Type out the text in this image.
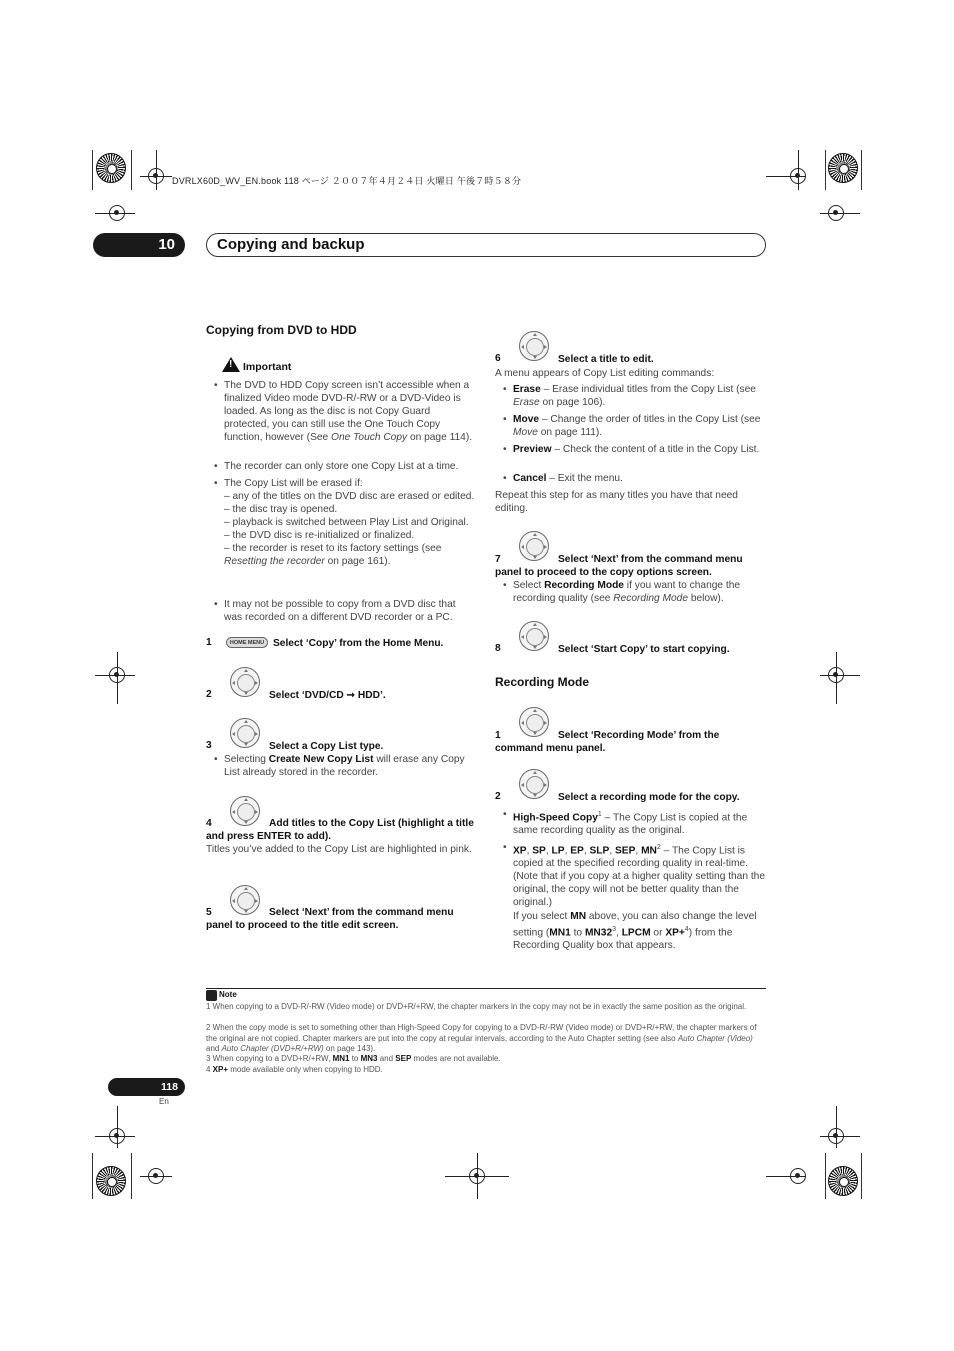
DVRLX60D_WV_EN.book 118 ページ ２００７年４月２４日 火曜日 午後７時５８分
10	Copying and backup
Copying from DVD to HDD
! Important
• The DVD to HDD Copy screen isn’t accessible when a finalized Video mode DVD-R/-RW or a DVD-Video is loaded. As long as the disc is not Copy Guard protected, you can still use the One Touch Copy function, however (See One Touch Copy on page 114).
• The recorder can only store one Copy List at a time.
• The Copy List will be erased if:
– any of the titles on the DVD disc are erased or edited.
– the disc tray is opened.
– playback is switched between Play List and Original.
– the DVD disc is re-initialized or finalized.
– the recorder is reset to its factory settings (see Resetting the recorder on page 161).
• It may not be possible to copy from a DVD disc that was recorded on a different DVD recorder or a PC.
1	HOME MENU Select ‘Copy’ from the Home Menu.
2	Select ‘DVD/CD ➞ HDD’.
3	Select a Copy List type.
• Selecting Create New Copy List will erase any Copy List already stored in the recorder.
4	Add titles to the Copy List (highlight a title and press ENTER to add).
Titles you’ve added to the Copy List are highlighted in pink.
5	Select ‘Next’ from the command menu panel to proceed to the title edit screen.
6	Select a title to edit.
A menu appears of Copy List editing commands:
• Erase – Erase individual titles from the Copy List (see Erase on page 106).
• Move – Change the order of titles in the Copy List (see Move on page 111).
• Preview – Check the content of a title in the Copy List.
• Cancel – Exit the menu.
Repeat this step for as many titles you have that need editing.
7	Select ‘Next’ from the command menu panel to proceed to the copy options screen.
• Select Recording Mode if you want to change the recording quality (see Recording Mode below).
8	Select ‘Start Copy’ to start copying.
Recording Mode
1	Select ‘Recording Mode’ from the command menu panel.
2	Select a recording mode for the copy.
• High-Speed Copy$^1$ – The Copy List is copied at the same recording quality as the original.
• XP, SP, LP, EP, SLP, SEP, $MN^2$ – The Copy List is copied at the specified recording quality in real-time. (Note that if you copy at a higher quality setting than the original, the copy will not be better quality than the original.)
If you select MN above, you can also change the level setting (MN1 to $MN32^3$, LPCM or XP+$^4$) from the Recording Quality box that appears.
Note
1 When copying to a DVD-R/-RW (Video mode) or DVD+R/+RW, the chapter markers in the copy may not be in exactly the same position as the original.
2 When the copy mode is set to something other than High-Speed Copy for copying to a DVD-R/-RW (Video mode) or DVD+R/+RW, the chapter markers of the original are not copied. Chapter markers are put into the copy at regular intervals, according to the Auto Chapter setting (see also Auto Chapter (Video) and Auto Chapter (DVD+R/+RW) on page 143).
3 When copying to a DVD+R/+RW, MN1 to MN3 and SEP modes are not available.
4 XP+ mode available only when copying to HDD.
118
En
